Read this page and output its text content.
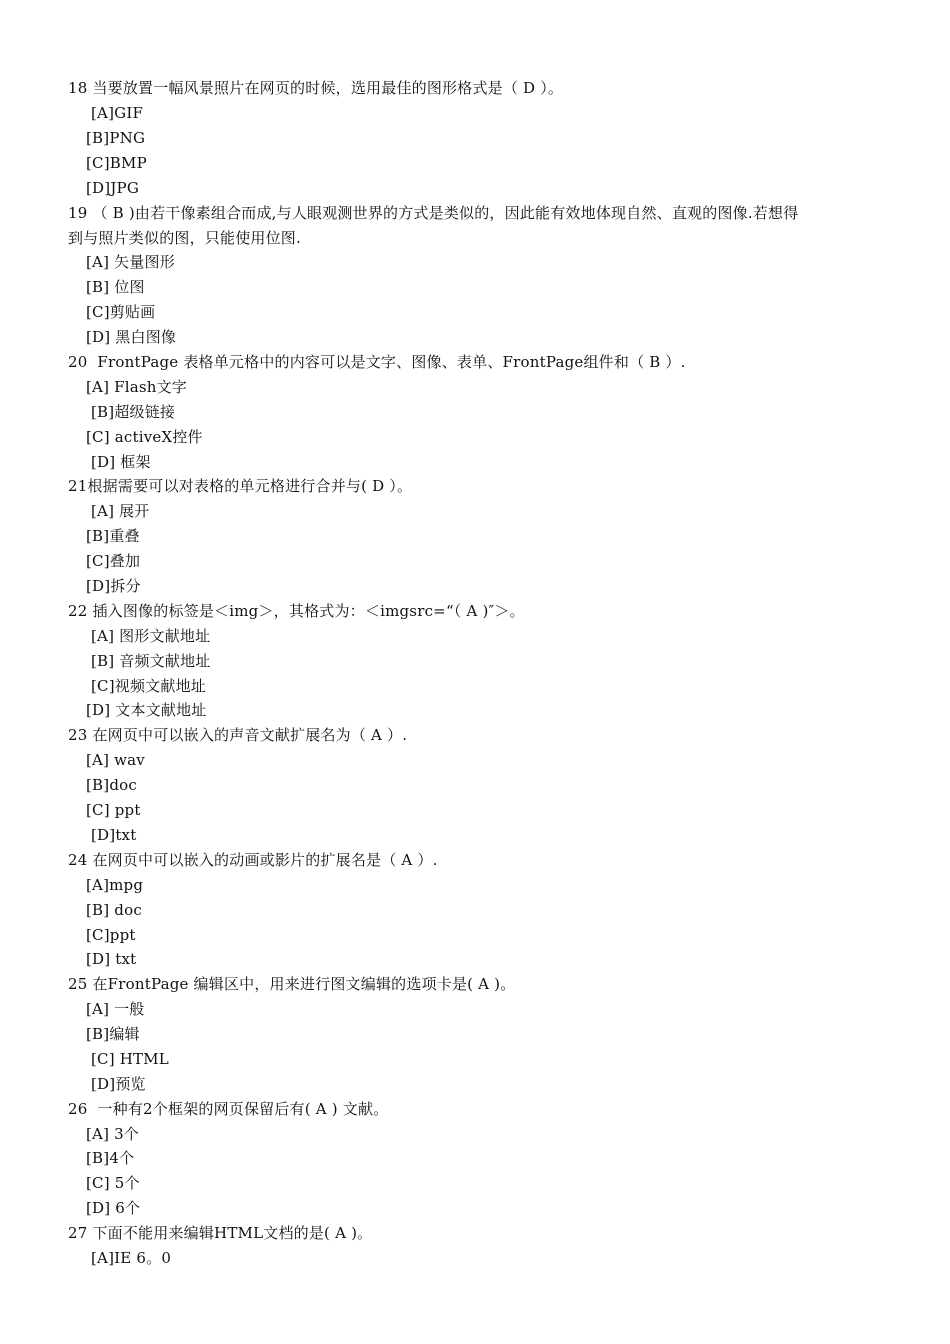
18 当要放置一幅风景照片在网页的时候，选用最佳的图形格式是（ D ）。
[A]GIF
[B]PNG
[C]BMP
[D]JPG
19 （ B )由若干像素组合而成,与人眼观测世界的方式是类似的，因此能有效地体现自然、直观的图像.若想得
到与照片类似的图，只能使用位图.
[A] 矢量图形
[B] 位图
[C]剪贴画
[D] 黑白图像
20  FrontPage 表格单元格中的内容可以是文字、图像、表单、FrontPage组件和（ B ）.
[A] Flash文字
[B]超级链接
[C] activeX控件
[D] 框架
21根据需要可以对表格的单元格进行合并与( D ）。
[A] 展开
[B]重叠
[C]叠加
[D]拆分
22 插入图像的标签是＜img＞，其格式为：＜imgsrc=“（ A )″＞。
[A] 图形文献地址
[B] 音频文献地址
[C]视频文献地址
[D] 文本文献地址
23 在网页中可以嵌入的声音文献扩展名为（ A ）.
[A] wav
[B]doc
[C] ppt
[D]txt
24 在网页中可以嵌入的动画或影片的扩展名是（ A ）.
[A]mpg
[B] doc
[C]ppt
[D] txt
25 在FrontPage 编辑区中，用来进行图文编辑的选项卡是( A )。
[A] 一般
[B]编辑
[C] HTML
[D]预览
26  一种有2个框架的网页保留后有( A ) 文献。
[A] 3个
[B]4个
[C] 5个
[D] 6个
27 下面不能用来编辑HTML文档的是( A )。
[A]IE 6。0
